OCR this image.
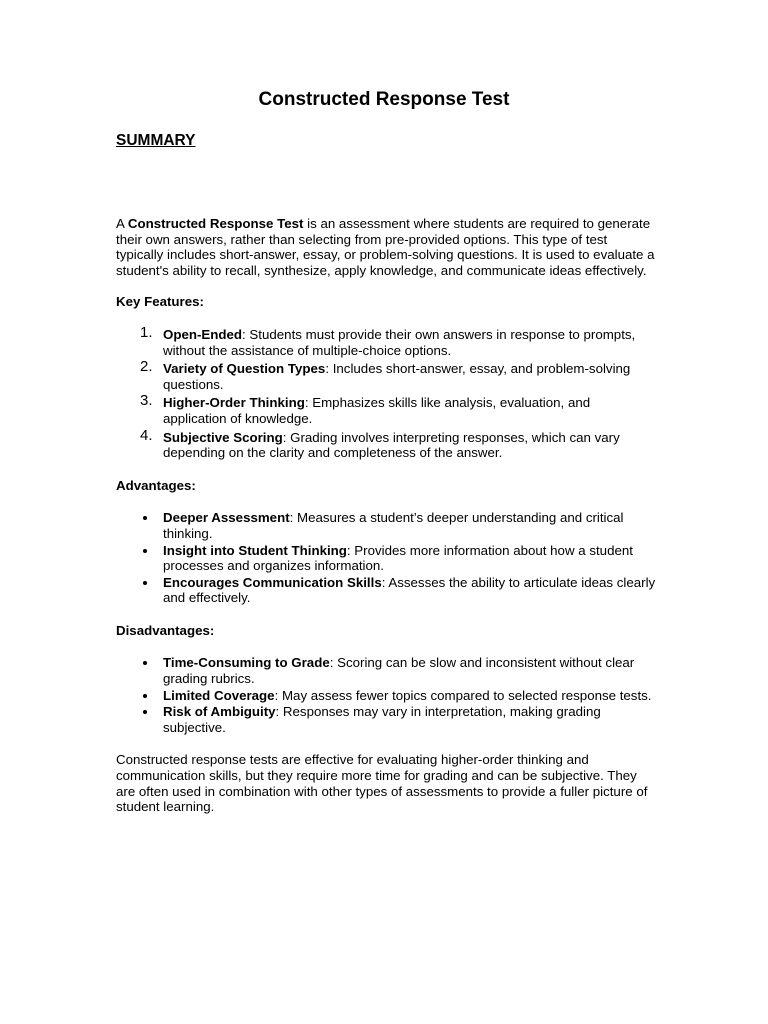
Constructed Response Test
SUMMARY

A Constructed Response Test is an assessment where students are required to generate their own answers, rather than selecting from pre-provided options. This type of test typically includes short-answer, essay, or problem-solving questions. It is used to evaluate a student's ability to recall, synthesize, apply knowledge, and communicate ideas effectively.

Key Features:

Open-Ended: Students must provide their own answers in response to prompts, without the assistance of multiple-choice options.
Variety of Question Types: Includes short-answer, essay, and problem-solving questions.
Higher-Order Thinking: Emphasizes skills like analysis, evaluation, and application of knowledge.
Subjective Scoring: Grading involves interpreting responses, which can vary depending on the clarity and completeness of the answer.

Advantages:

Deeper Assessment: Measures a student’s deeper understanding and critical thinking.
Insight into Student Thinking: Provides more information about how a student processes and organizes information.
Encourages Communication Skills: Assesses the ability to articulate ideas clearly and effectively.

Disadvantages:

Time-Consuming to Grade: Scoring can be slow and inconsistent without clear grading rubrics.
Limited Coverage: May assess fewer topics compared to selected response tests.
Risk of Ambiguity: Responses may vary in interpretation, making grading subjective.

Constructed response tests are effective for evaluating higher-order thinking and communication skills, but they require more time for grading and can be subjective. They are often used in combination with other types of assessments to provide a fuller picture of student learning.
